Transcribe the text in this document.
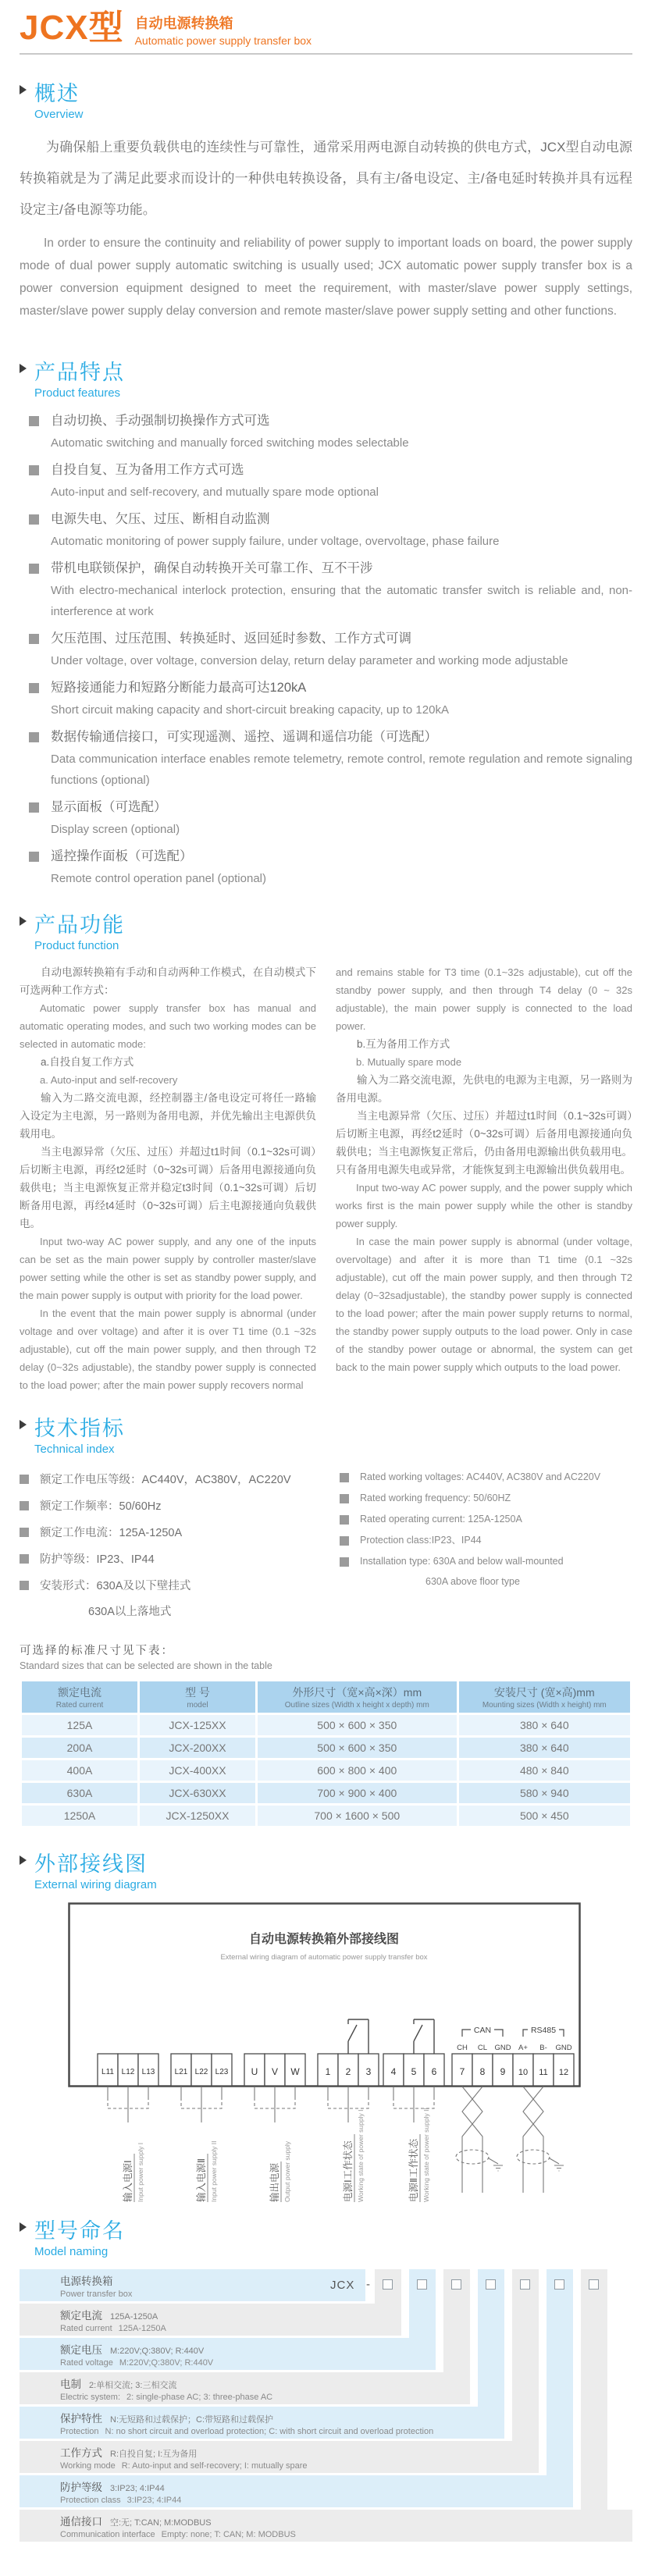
JCX型 自动电源转换箱
Automatic power supply transfer box
概述
Overview

为确保船上重要负载供电的连续性与可靠性，通常采用两电源自动转换的供电方式，JCX型自动电源转换箱就是为了满足此要求而设计的一种供电转换设备，具有主/备电设定、主/备电延时转换并具有远程设定主/备电源等功能。

In order to ensure the continuity and reliability of power supply to important loads on board, the power supply mode of dual power supply automatic switching is usually used; JCX automatic power supply transfer box is a power conversion equipment designed to meet the requirement, with master/slave power supply settings, master/slave power supply delay conversion and remote master/slave power supply setting and other functions.

产品特点
Product features
自动切换、手动强制切换操作方式可选
Automatic switching and manually forced switching modes selectable
自投自复、互为备用工作方式可选
Auto-input and self-recovery, and mutually spare mode optional
电源失电、欠压、过压、断相自动监测
Automatic monitoring of power supply failure, under voltage, overvoltage, phase failure
带机电联锁保护，确保自动转换开关可靠工作、互不干涉
With electro-mechanical interlock protection, ensuring that the automatic transfer switch is reliable and, non-interference at work
欠压范围、过压范围、转换延时、返回延时参数、工作方式可调
Under voltage, over voltage, conversion delay, return delay parameter and working mode adjustable
短路接通能力和短路分断能力最高可达120kA
Short circuit making capacity and short-circuit breaking capacity, up to 120kA
数据传输通信接口，可实现遥测、遥控、遥调和遥信功能（可选配）
Data communication interface enables remote telemetry, remote control, remote regulation and remote signaling functions (optional)
显示面板（可选配）
Display screen (optional)
遥控操作面板（可选配）
Remote control operation panel (optional)
产品功能
Product function

自动电源转换箱有手动和自动两种工作模式，在自动模式下可选两种工作方式：

Automatic power supply transfer box has manual and automatic operating modes, and such two working modes can be selected in automatic mode:

a.自投自复工作方式

a. Auto-input and self-recovery

输入为二路交流电源，经控制器主/备电设定可将任一路输入设定为主电源，另一路则为备用电源，并优先输出主电源供负载用电。

当主电源异常（欠压、过压）并超过t1时间（0.1~32s可调）后切断主电源，再经t2延时（0~32s可调）后备用电源接通向负载供电；当主电源恢复正常并稳定t3时间（0.1~32s可调）后切断备用电源，再经t4延时（0~32s可调）后主电源接通向负载供电。

Input two-way AC power supply, and any one of the inputs can be set as the main power supply by controller master/slave power setting while the other is set as standby power supply, and the main power supply is output with priority for the load power.

In the event that the main power supply is abnormal (under voltage and over voltage) and after it is over T1 time (0.1 ~32s adjustable), cut off the main power supply, and then through T2 delay (0~32s adjustable), the standby power supply is connected to the load power; after the main power supply recovers normal

and remains stable for T3 time (0.1~32s adjustable), cut off the standby power supply, and then through T4 delay (0 ~ 32s adjustable), the main power supply is connected to the load power.

b.互为备用工作方式

b. Mutually spare mode

输入为二路交流电源，先供电的电源为主电源，另一路则为备用电源。

当主电源异常（欠压、过压）并超过t1时间（0.1~32s可调）后切断主电源，再经t2延时（0~32s可调）后备用电源接通向负载供电；当主电源恢复正常后，仍由备用电源输出供负载用电。只有备用电源失电或异常，才能恢复到主电源输出供负载用电。

Input two-way AC power supply, and the power supply which works first is the main power supply while the other is standby power supply.

In case the main power supply is abnormal (under voltage, overvoltage) and after it is more than T1 time (0.1 ~32s adjustable), cut off the main power supply, and then through T2 delay (0~32sadjustable), the standby power supply is connected to the load power; after the main power supply returns to normal, the standby power supply outputs to the load power. Only in case of the standby power outage or abnormal, the system can get back to the main power supply which outputs to the load power.

技术指标
Technical index
额定工作电压等级：AC440V，AC380V，AC220V
额定工作频率：50/60Hz
额定工作电流：125A-1250A
防护等级：IP23、IP44
安装形式：630A及以下壁挂式
630A以上落地式
Rated working voltages: AC440V, AC380V and AC220V
Rated working frequency: 50/60HZ
Rated operating current: 125A-1250A
Protection class:IP23、IP44
Installation type: 630A and below wall-mounted
630A above floor type
可选择的标准尺寸见下表：
Standard sizes that can be selected are shown in the table
额定电流
Rated current

型 号
model

外形尺寸（宽×高×深）mm
Outline sizes (Width x height x depth) mm

安装尺寸 (宽×高)mm
Mounting sizes (Width x height) mm

125A	JCX-125XX	500 × 600 × 350	380 × 640
200A	JCX-200XX	500 × 600 × 350	380 × 640
400A	JCX-400XX	600 × 800 × 400	480 × 840
630A	JCX-630XX	700 × 900 × 400	580 × 940
1250A	JCX-1250XX	700 × 1600 × 500	500 × 450
外部接线图
External wiring diagram
自动电源转换箱外部接线图
External wiring diagram of automatic power supply transfer box
CAN	RS485
CH CL GND A+ B- GND
L11 L12 L13	L21 L22 L23 U V W	1 2 3 4 5 6 7 8 9 10 11 12
输入电源Ⅰ Input power supply I	输入电源Ⅱ Input power supply II	输出电源 Output power supply	电源Ⅰ工作状态 Working state of power supply I	电源Ⅱ工作状态 Working state of power supply II
型号命名
Model naming
JCX -
电源转换箱
Power transfer box
额定电流 125A-1250A
Rated current 125A-1250A
额定电压 M:220V;Q:380V; R:440V
Rated voltage M:220V;Q:380V; R:440V
电制 2:单相交流; 3:三相交流
Electric system: 2: single-phase AC; 3: three-phase AC
保护特性 N:无短路和过载保护；C:带短路和过载保护
Protection N: no short circuit and overload protection; C: with short circuit and overload protection
工作方式 R:自投自复; I:互为备用
Working mode R: Auto-input and self-recovery; I: mutually spare
防护等级 3:IP23; 4:IP44
Protection class 3:IP23; 4:IP44
通信接口 空:无; T:CAN; M:MODBUS
Communication interface Empty: none; T: CAN; M: MODBUS
